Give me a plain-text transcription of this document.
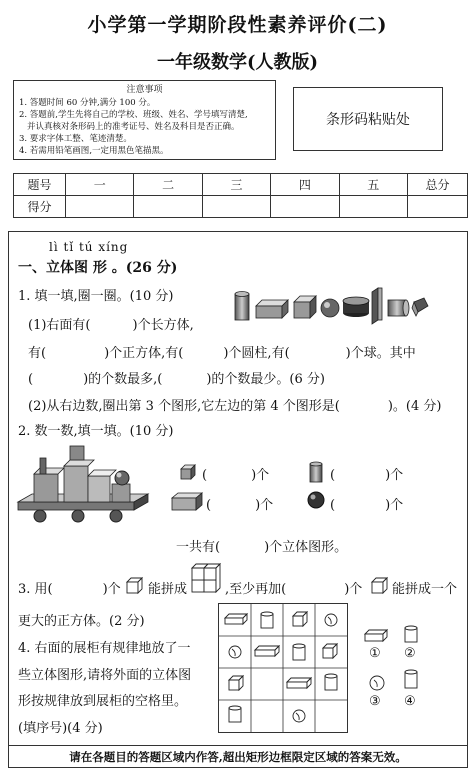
小学第一学期阶段性素养评价(二)
一年级数学(人教版)
注意事项
1. 答题时间 60 分钟,满分 100 分。
2. 答题前,学生先将自己的学校、班级、姓名、学号填写清楚,
并认真核对条形码上的准考证号、姓名及科目是否正确。
3. 要求字体工整、笔迹清楚。
4. 若需用铅笔画图,一定用黑色笔描黑。
条形码粘贴处
题号	一	二	三	四	五	总分
得分						
lì tǐ tú xíng
一、立体图 形 。(26 分)
1. 填一填,圈一圈。(10 分)
(1)右面有(	)个长方体,
有(	)个正方体,有(	)个圆柱,有(	)个球。其中
(	)的个数最多,(	)的个数最少。(6 分)
(2)从右边数,圈出第 3 个图形,它左边的第 4 个图形是(	)。(4 分)
2. 数一数,填一填。(10 分)
(	)个	(	)个
(	)个	(	)个
一共有(	)个立体图形。
3. 用(	)个 能拼成	,至少再加(	)个 能拼成一个
更大的正方体。(2 分)
4. 右面的展柜有规律地放了一
些立体图形,请将外面的立体图
形按规律放到展柜的空格里。
(填序号)(4 分)
① ②
③ ④
请在各题目的答题区域内作答,超出矩形边框限定区域的答案无效。
